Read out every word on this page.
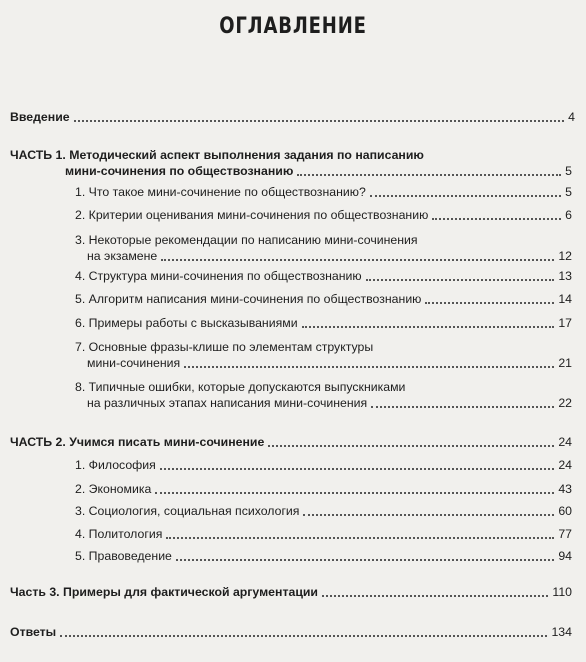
ОГЛАВЛЕНИЕ
Введение	4
ЧАСТЬ 1. Методический аспект выполнения задания по написанию
мини-сочинения по обществознанию	5
1. Что такое мини-сочинение по обществознанию?	5
2. Критерии оценивания мини-сочинения по обществознанию	6
3. Некоторые рекомендации по написанию мини-сочинения
на экзамене	12
4. Структура мини-сочинения по обществознанию	13
5. Алгоритм написания мини-сочинения по обществознанию	14
6. Примеры работы с высказываниями	17
7. Основные фразы-клише по элементам структуры
мини-сочинения	21
8. Типичные ошибки, которые допускаются выпускниками
на различных этапах написания мини-сочинения	22
ЧАСТЬ 2. Учимся писать мини-сочинение	24
1. Философия	24
2. Экономика	43
3. Социология, социальная психология	60
4. Политология	77
5. Правоведение	94
Часть 3. Примеры для фактической аргументации	110
Ответы	134
